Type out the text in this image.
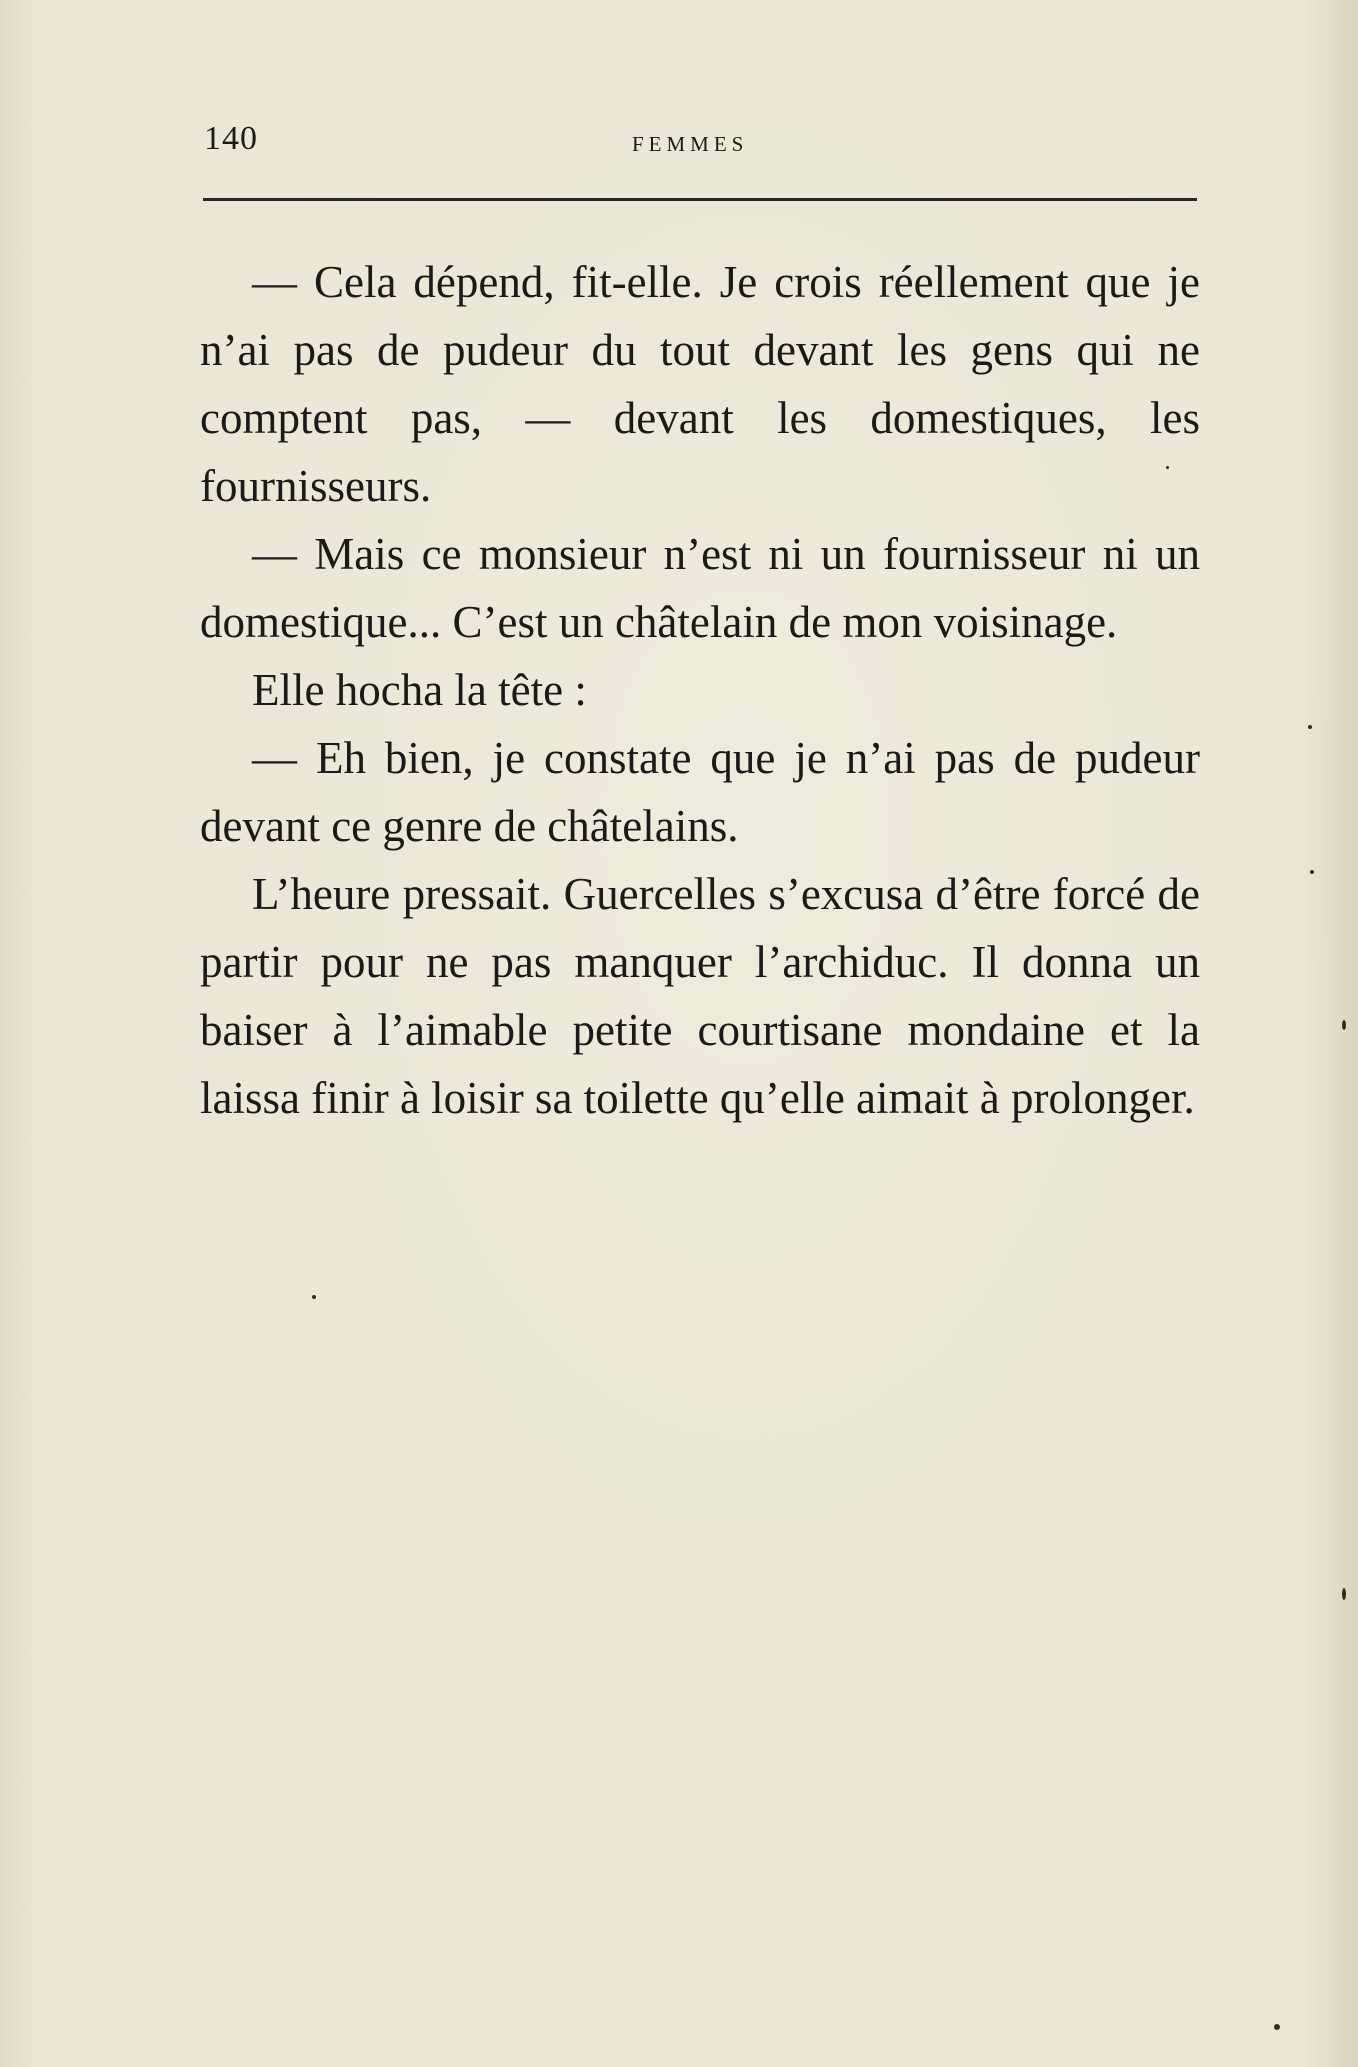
140	FEMMES

— Cela dépend, fit-elle. Je crois réellement que je n’ai pas de pudeur du tout devant les gens qui ne comptent pas, — devant les domestiques, les fournisseurs.

— Mais ce monsieur n’est ni un fournisseur ni un domestique... C’est un châtelain de mon voisinage.

Elle hocha la tête :

— Eh bien, je constate que je n’ai pas de pudeur devant ce genre de châtelains.

L’heure pressait. Guercelles s’excusa d’être forcé de partir pour ne pas manquer l’archiduc. Il donna un baiser à l’aimable petite courtisane mondaine et la laissa finir à loisir sa toilette qu’elle aimait à prolonger.
